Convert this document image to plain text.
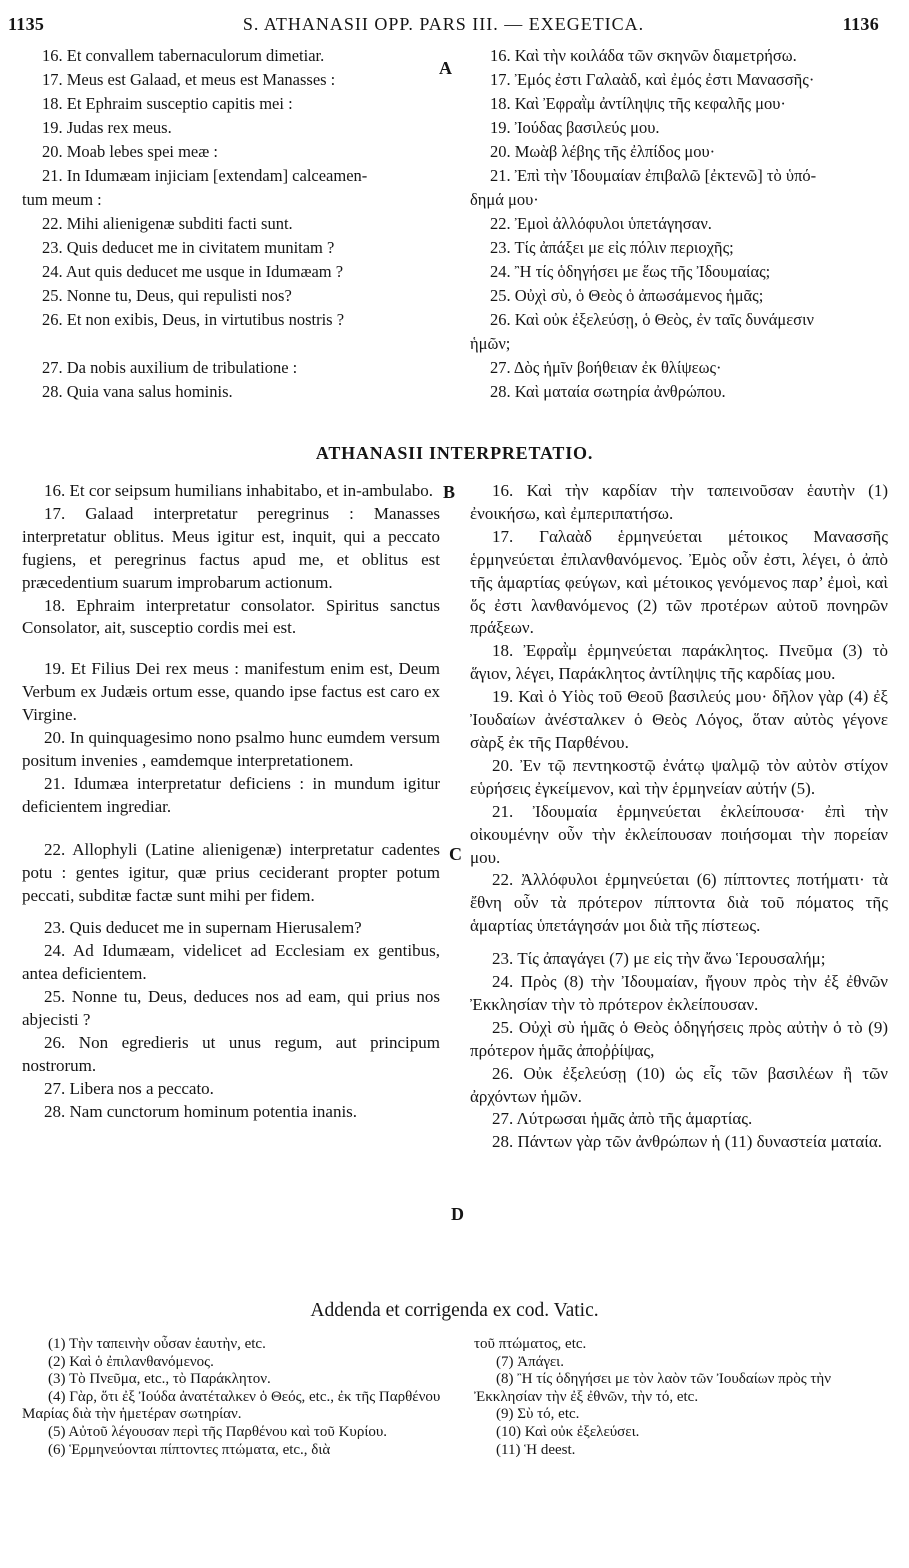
1135	S. ATHANASII OPP. PARS III. — EXEGETICA.	1136
16. Et convallem tabernaculorum dimetiar.
17. Meus est Galaad, et meus est Manasses :
18. Et Ephraim susceptio capitis mei :
19. Judas rex meus.
20. Moab lebes spei meæ :
21. In Idumæam injiciam [extendam] calceamen-
tum meum :
22. Mihi alienigenæ subditi facti sunt.
23. Quis deducet me in civitatem munitam ?
24. Aut quis deducet me usque in Idumæam ?
25. Nonne tu, Deus, qui repulisti nos?
26. Et non exibis, Deus, in virtutibus nostris ?

27. Da nobis auxilium de tribulatione :
28. Quia vana salus hominis.
16. Καὶ τὴν κοιλάδα τῶν σκηνῶν διαμετρήσω.
17. Ἐμός ἐστι Γαλαὰδ, καὶ ἐμός ἐστι Μανασσῆς·
18. Καὶ Ἐφραῒμ ἀντίληψις τῆς κεφαλῆς μου·
19. Ἰούδας βασιλεύς μου.
20. Μωὰβ λέβης τῆς ἐλπίδος μου·
21. Ἐπὶ τὴν Ἰδουμαίαν ἐπιβαλῶ [ἐκτενῶ] τὸ ὑπό-
δημά μου·
22. Ἐμοὶ ἀλλόφυλοι ὑπετάγησαν.
23. Τίς ἀπάξει με εἰς πόλιν περιοχῆς;
24. Ἢ τίς ὁδηγήσει με ἕως τῆς Ἰδουμαίας;
25. Οὐχὶ σὺ, ὁ Θεὸς ὁ ἀπωσάμενος ἡμᾶς;
26. Καὶ οὐκ ἐξελεύσῃ, ὁ Θεὸς, ἐν ταῖς δυνάμεσιν
ἡμῶν;
27. Δὸς ἡμῖν βοήθειαν ἐκ θλίψεως·
28. Καὶ ματαία σωτηρία ἀνθρώπου.
A
ATHANASII INTERPRETATIO.
B
C
D

16. Et cor seipsum humilians inhabitabo, et in-ambulabo.

17. Galaad interpretatur peregrinus : Manasses interpretatur oblitus. Meus igitur est, inquit, qui a peccato fugiens, et peregrinus factus apud me, et oblitus est præcedentium suarum improbarum actionum.

18. Ephraim interpretatur consolator. Spiritus sanctus Consolator, ait, susceptio cordis mei est.

19. Et Filius Dei rex meus : manifestum enim est, Deum Verbum ex Judæis ortum esse, quando ipse factus est caro ex Virgine.

20. In quinquagesimo nono psalmo hunc eumdem versum positum invenies , eamdemque interpretationem.

21. Idumæa interpretatur deficiens : in mundum igitur deficientem ingrediar.

22. Allophyli (Latine alienigenæ) interpretatur cadentes potu : gentes igitur, quæ prius ceciderant propter potum peccati, subditæ factæ sunt mihi per fidem.

23. Quis deducet me in supernam Hierusalem?

24. Ad Idumæam, videlicet ad Ecclesiam ex gentibus, antea deficientem.

25. Nonne tu, Deus, deduces nos ad eam, qui prius nos abjecisti ?

26. Non egredieris ut unus regum, aut principum nostrorum.

27. Libera nos a peccato.

28. Nam cunctorum hominum potentia inanis.

16. Καὶ τὴν καρδίαν τὴν ταπεινοῦσαν ἑαυτὴν (1) ἐνοικήσω, καὶ ἐμπεριπατήσω.

17. Γαλαὰδ ἑρμηνεύεται μέτοικος Μανασσῆς ἑρμηνεύεται ἐπιλανθανόμενος. Ἐμὸς οὖν ἐστι, λέγει, ὁ ἀπὸ τῆς ἁμαρτίας φεύγων, καὶ μέτοικος γενόμενος παρ’ ἐμοὶ, καὶ ὅς ἐστι λανθανόμενος (2) τῶν προτέρων αὐτοῦ πονηρῶν πράξεων.

18. Ἐφραῒμ ἑρμηνεύεται παράκλητος. Πνεῦμα (3) τὸ ἅγιον, λέγει, Παράκλητος ἀντίληψις τῆς καρδίας μου.

19. Καὶ ὁ Υἱὸς τοῦ Θεοῦ βασιλεύς μου· δῆλον γὰρ (4) ἐξ Ἰουδαίων ἀνέσταλκεν ὁ Θεὸς Λόγος, ὅταν αὐτὸς γέγονε σὰρξ ἐκ τῆς Παρθένου.

20. Ἐν τῷ πεντηκοστῷ ἐνάτῳ ψαλμῷ τὸν αὐτὸν στίχον εὑρήσεις ἐγκείμενον, καὶ τὴν ἑρμηνείαν αὐτήν (5).

21. Ἰδουμαία ἑρμηνεύεται ἐκλείπουσα· ἐπὶ τὴν οἰκουμένην οὖν τὴν ἐκλείπουσαν ποιήσομαι τὴν πορείαν μου.

22. Ἀλλόφυλοι ἑρμηνεύεται (6) πίπτοντες ποτήματι· τὰ ἔθνη οὖν τὰ πρότερον πίπτοντα διὰ τοῦ πόματος τῆς ἁμαρτίας ὑπετάγησάν μοι διὰ τῆς πίστεως.

23. Τίς ἀπαγάγει (7) με εἰς τὴν ἄνω Ἱερουσαλήμ;

24. Πρὸς (8) τὴν Ἰδουμαίαν, ἤγουν πρὸς τὴν ἐξ ἐθνῶν Ἐκκλησίαν τὴν τὸ πρότερον ἐκλείπουσαν.

25. Οὐχὶ σὺ ἡμᾶς ὁ Θεὸς ὁδηγήσεις πρὸς αὐτὴν ὁ τὸ (9) πρότερον ἡμᾶς ἀποῤῥίψας,

26. Οὐκ ἐξελεύσῃ (10) ὡς εἷς τῶν βασιλέων ἢ τῶν ἀρχόντων ἡμῶν.

27. Λύτρωσαι ἡμᾶς ἀπὸ τῆς ἁμαρτίας.

28. Πάντων γὰρ τῶν ἀνθρώπων ἡ (11) δυναστεία ματαία.

Addenda et corrigenda ex cod. Vatic.
(1) Τὴν ταπεινὴν οὖσαν ἑαυτὴν, etc.
(2) Καὶ ὁ ἐπιλανθανόμενος.
(3) Τὸ Πνεῦμα, etc., τὸ Παράκλητον.
(4) Γὰρ, ὅτι ἐξ Ἰούδα ἀνατέταλκεν ὁ Θεός, etc., ἐκ τῆς Παρθένου Μαρίας διὰ τὴν ἡμετέραν σωτηρίαν.
(5) Αὐτοῦ λέγουσαν περὶ τῆς Παρθένου καὶ τοῦ Κυρίου.
(6) Ἑρμηνεύονται πίπτοντες πτώματα, etc., διὰ
τοῦ πτώματος, etc.
(7) Ἀπάγει.
(8) Ἢ τίς ὁδηγήσει με τὸν λαὸν τῶν Ἰουδαίων πρὸς τὴν Ἐκκλησίαν τὴν ἐξ ἐθνῶν, τὴν τό, etc.
(9) Σὺ τό, etc.
(10) Καὶ οὐκ ἐξελεύσει.
(11) Ἡ deest.
